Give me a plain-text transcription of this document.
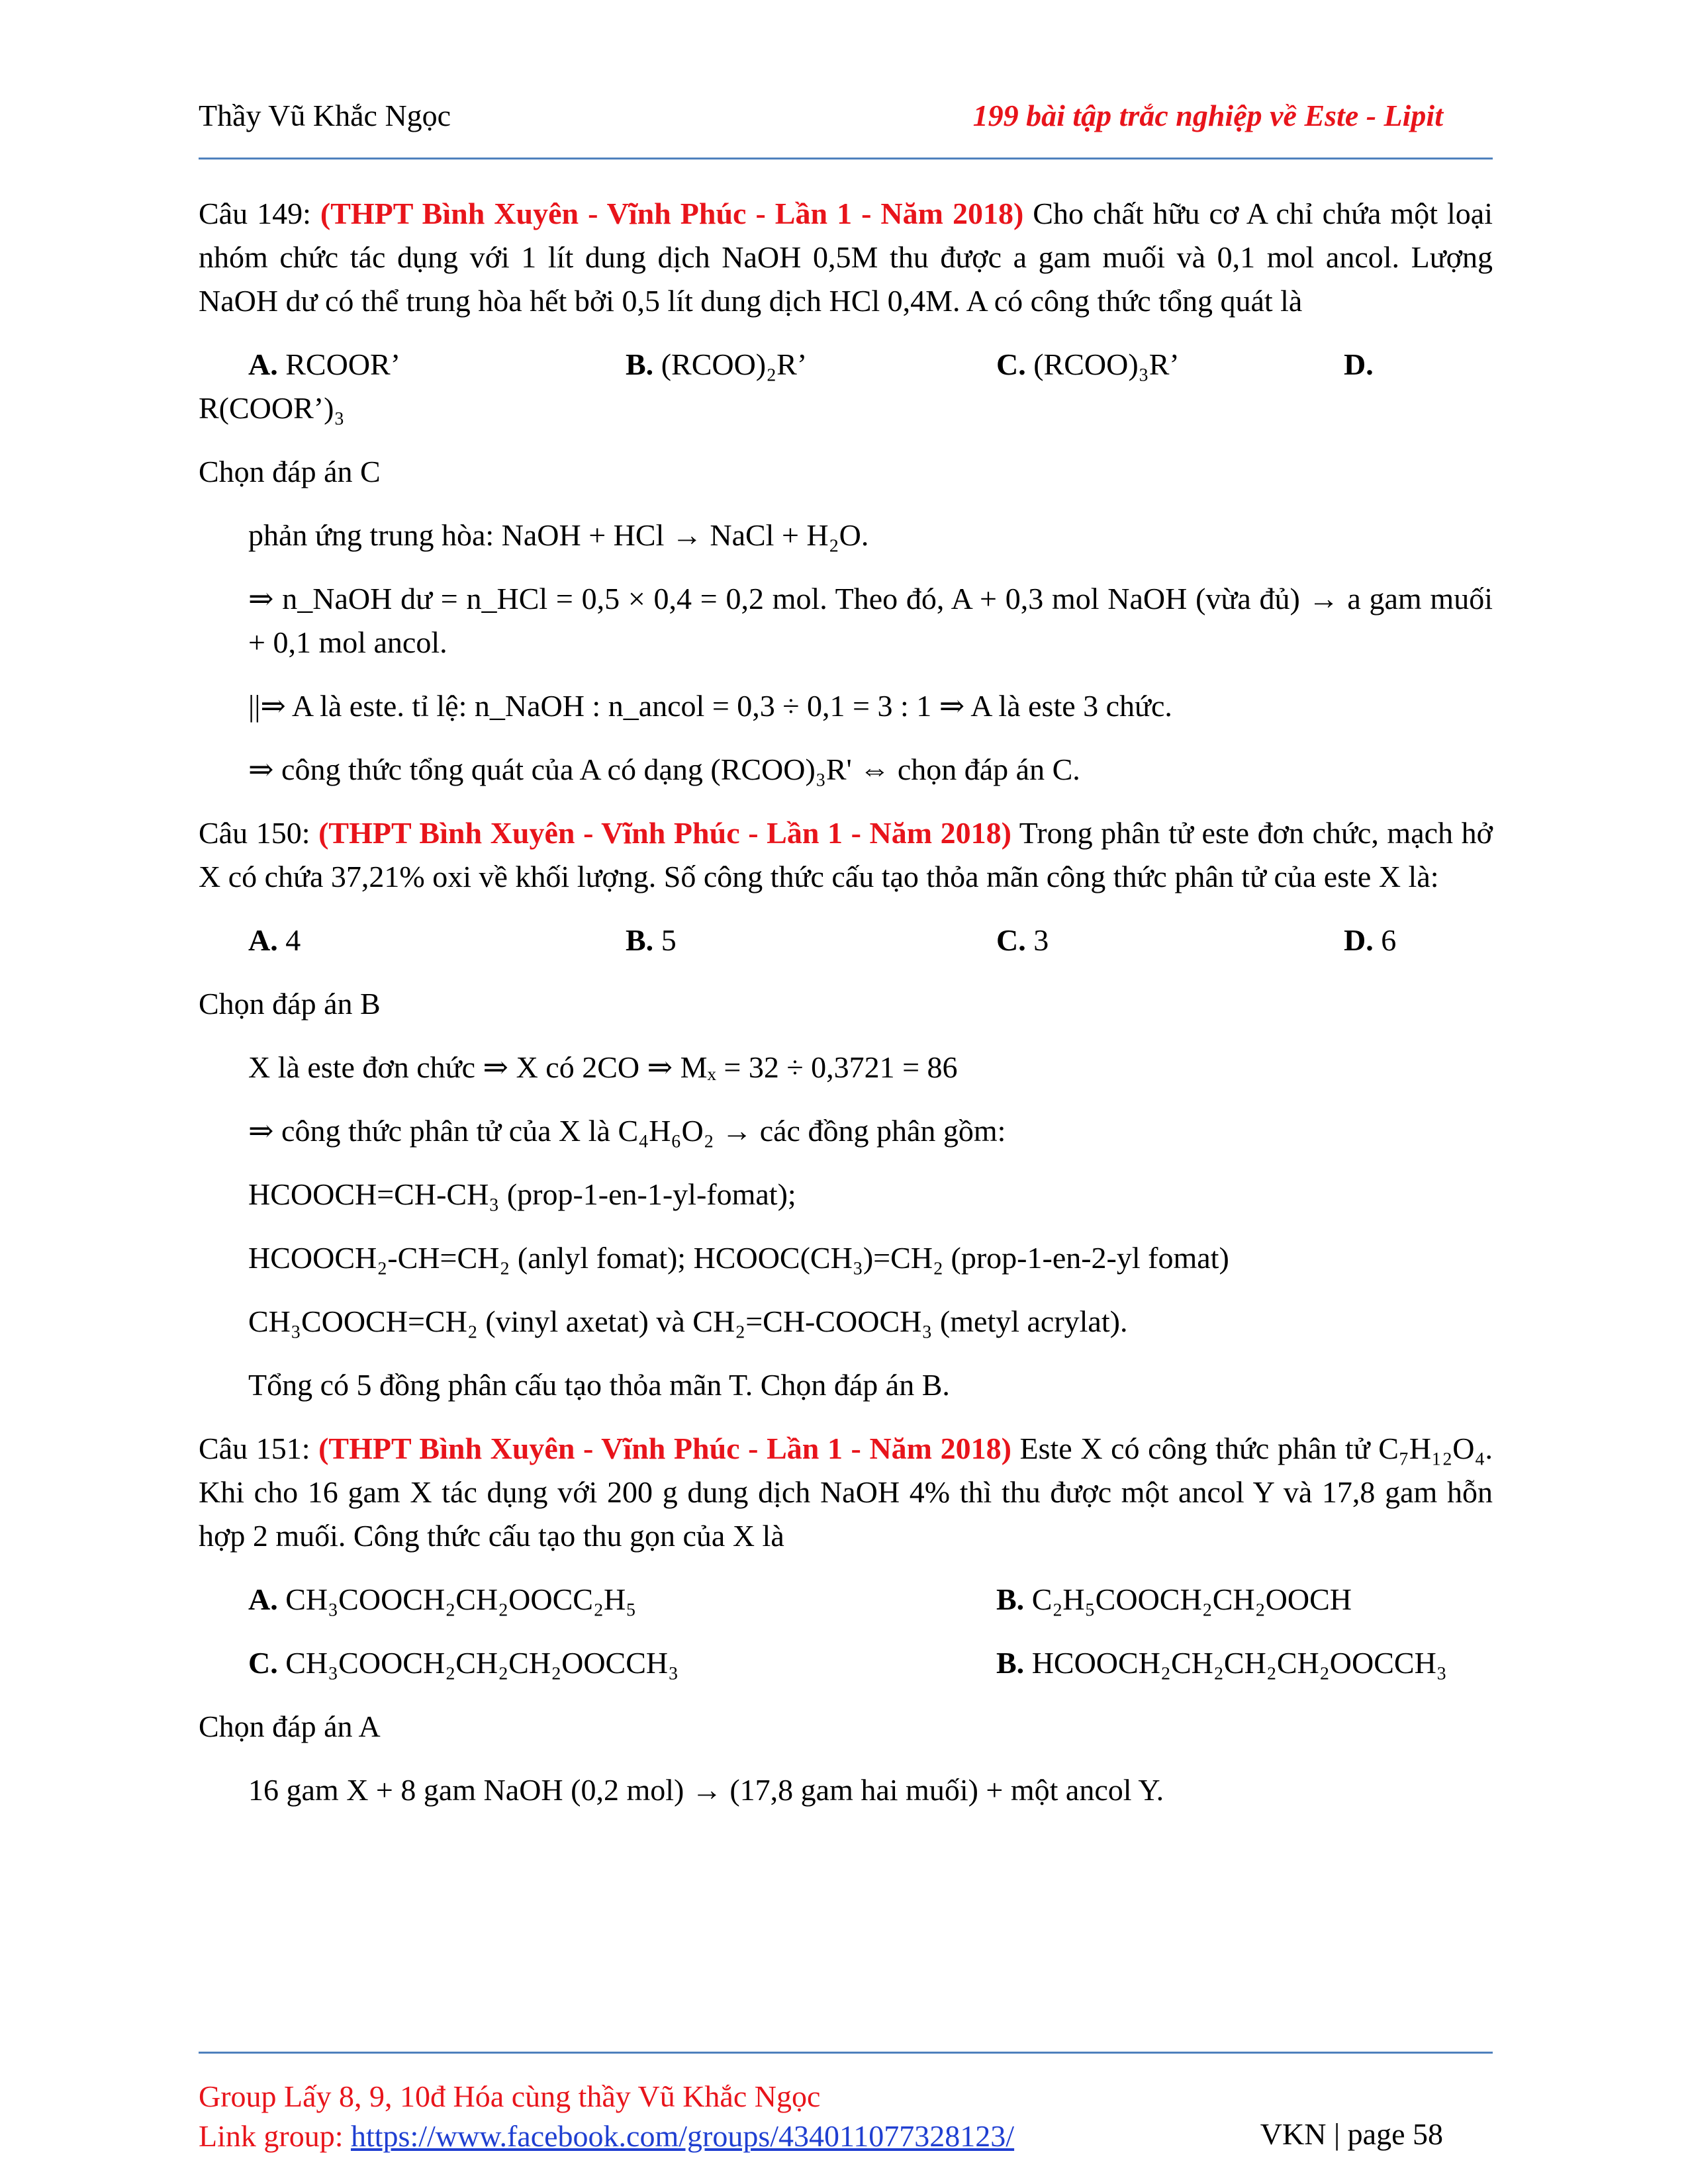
Thầy Vũ Khắc Ngọc	199 bài tập trắc nghiệp về Este - Lipit

Câu 149: (THPT Bình Xuyên - Vĩnh Phúc - Lần 1 - Năm 2018) Cho chất hữu cơ A chỉ chứa một loại nhóm chức tác dụng với 1 lít dung dịch NaOH 0,5M thu được a gam muối và 0,1 mol ancol. Lượng NaOH dư có thể trung hòa hết bởi 0,5 lít dung dịch HCl 0,4M. A có công thức tổng quát là

A. RCOOR’	B. (RCOO)₂R’	C. (RCOO)₃R’	D.

R(COOR’)₃

Chọn đáp án C

phản ứng trung hòa: NaOH + HCl → NaCl + H₂O.

⇒ n_NaOH dư = n_HCl = 0,5 × 0,4 = 0,2 mol. Theo đó, A + 0,3 mol NaOH (vừa đủ) → a gam muối + 0,1 mol ancol.

||⇒ A là este. tỉ lệ: n_NaOH : n_ancol = 0,3 ÷ 0,1 = 3 : 1 ⇒ A là este 3 chức.

⇒ công thức tổng quát của A có dạng (RCOO)₃R' ⇔ chọn đáp án C.

Câu 150: (THPT Bình Xuyên - Vĩnh Phúc - Lần 1 - Năm 2018) Trong phân tử este đơn chức, mạch hở X có chứa 37,21% oxi về khối lượng. Số công thức cấu tạo thỏa mãn công thức phân tử của este X là:

A. 4	B. 5	C. 3	D. 6

Chọn đáp án B

X là este đơn chức ⇒ X có 2CO ⇒ Mₓ = 32 ÷ 0,3721 = 86

⇒ công thức phân tử của X là C₄H₆O₂ → các đồng phân gồm:

HCOOCH=CH-CH₃ (prop-1-en-1-yl-fomat);

HCOOCH₂-CH=CH₂ (anlyl fomat); HCOOC(CH₃)=CH₂ (prop-1-en-2-yl fomat)

CH₃COOCH=CH₂ (vinyl axetat) và CH₂=CH-COOCH₃ (metyl acrylat).

Tổng có 5 đồng phân cấu tạo thỏa mãn T. Chọn đáp án B.

Câu 151: (THPT Bình Xuyên - Vĩnh Phúc - Lần 1 - Năm 2018) Este X có công thức phân tử C₇H₁₂O₄. Khi cho 16 gam X tác dụng với 200 g dung dịch NaOH 4% thì thu được một ancol Y và 17,8 gam hỗn hợp 2 muối. Công thức cấu tạo thu gọn của X là

A. CH₃COOCH₂CH₂OOCC₂H₅	B. C₂H₅COOCH₂CH₂OOCH
C. CH₃COOCH₂CH₂CH₂OOCCH₃	B. HCOOCH₂CH₂CH₂CH₂OOCCH₃

Chọn đáp án A

16 gam X + 8 gam NaOH (0,2 mol) → (17,8 gam hai muối) + một ancol Y.

Group Lấy 8, 9, 10đ Hóa cùng thầy Vũ Khắc Ngọc
Link group: https://www.facebook.com/groups/434011077328123/	VKN | page 58
